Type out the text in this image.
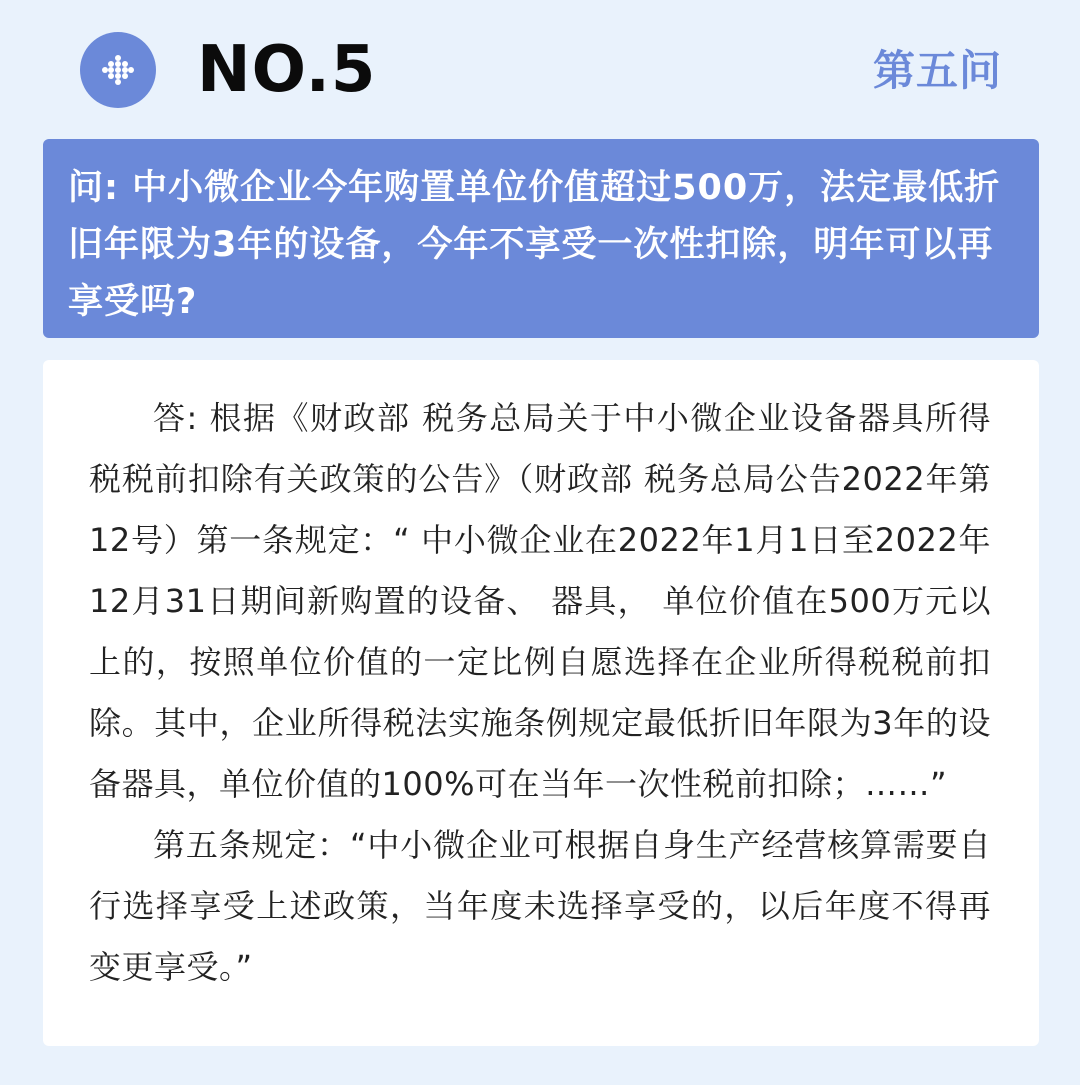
NO.5	第五问

问: 中小微企业今年购置单位价值超过500万，法定最低折旧年限为3年的设备，今年不享受一次性扣除，明年可以再享受吗?

答: 根据《财政部 税务总局关于中小微企业设备器具所得税税前扣除有关政策的公告》（财政部 税务总局公告2022年第12号）第一条规定：“ 中小微企业在2022年1月1日至2022年12月31日期间新购置的设备、 器具， 单位价值在500万元以上的，按照单位价值的一定比例自愿选择在企业所得税税前扣除。其中，企业所得税法实施条例规定最低折旧年限为3年的设备器具，单位价值的100%可在当年一次性税前扣除；……”

第五条规定：“中小微企业可根据自身生产经营核算需要自行选择享受上述政策，当年度未选择享受的，以后年度不得再变更享受。”
